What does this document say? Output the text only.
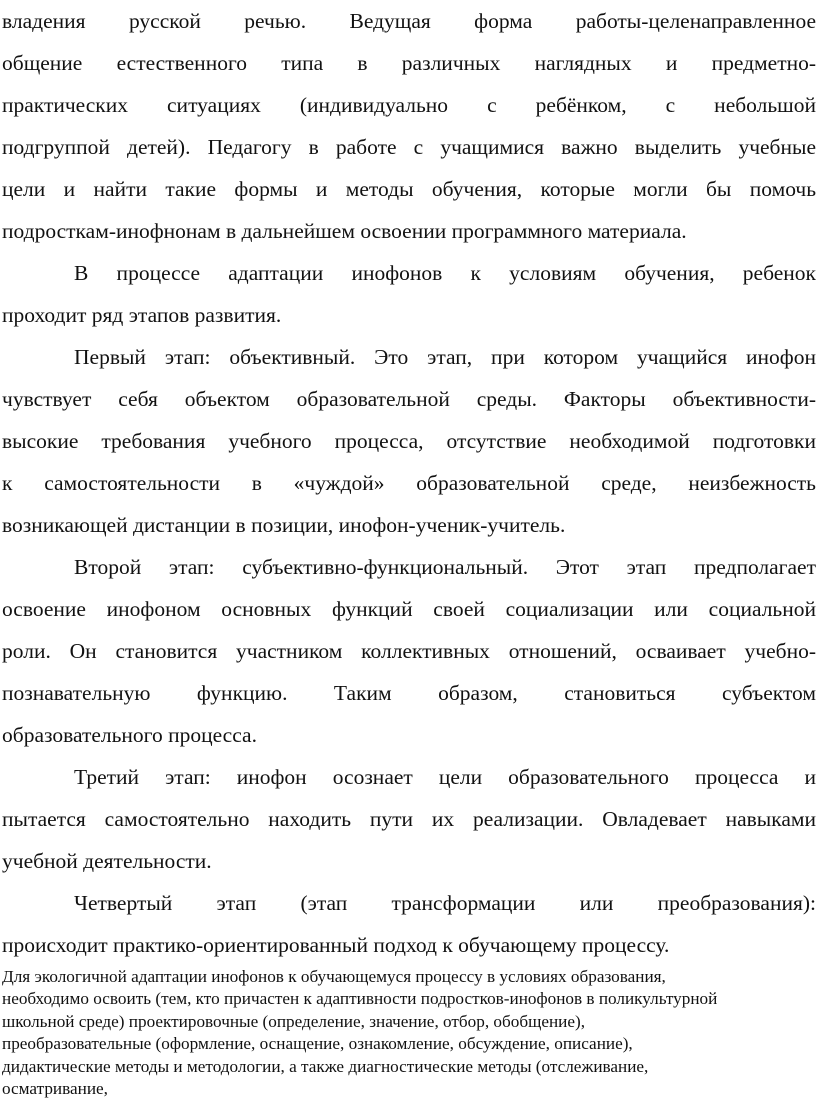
владения русской речью. Ведущая форма работы-целенаправленное
общение естественного типа в различных наглядных и предметно-
практических ситуациях (индивидуально с ребёнком, с небольшой
подгруппой детей). Педагогу в работе с учащимися важно выделить учебные
цели и найти такие формы и методы обучения, которые могли бы помочь
подросткам-инофнонам в дальнейшем освоении программного материала.
В процессе адаптации инофонов к условиям обучения, ребенок
проходит ряд этапов развития.
Первый этап: объективный. Это этап, при котором учащийся инофон
чувствует себя объектом образовательной среды. Факторы объективности-
высокие требования учебного процесса, отсутствие необходимой подготовки
к самостоятельности в «чуждой» образовательной среде, неизбежность
возникающей дистанции в позиции, инофон-ученик-учитель.
Второй этап: субъективно-функциональный. Этот этап предполагает
освоение инофоном основных функций своей социализации или социальной
роли. Он становится участником коллективных отношений, осваивает учебно-
познавательную функцию. Таким образом, становиться субъектом
образовательного процесса.
Третий этап: инофон осознает цели образовательного процесса и
пытается самостоятельно находить пути их реализации. Овладевает навыками
учебной деятельности.
Четвертый этап (этап трансформации или преобразования):
происходит практико-ориентированный подход к обучающему процессу.
Для экологичной адаптации инофонов к обучающемуся процессу в условиях образования,
необходимо освоить (тем, кто причастен к адаптивности подростков-инофонов в поликультурной
школьной среде) проектировочные (определение, значение, отбор, обобщение),
преобразовательные (оформление, оснащение, ознакомление, обсуждение, описание),
дидактические методы и методологии, а также диагностические методы (отслеживание,
осматривание,
